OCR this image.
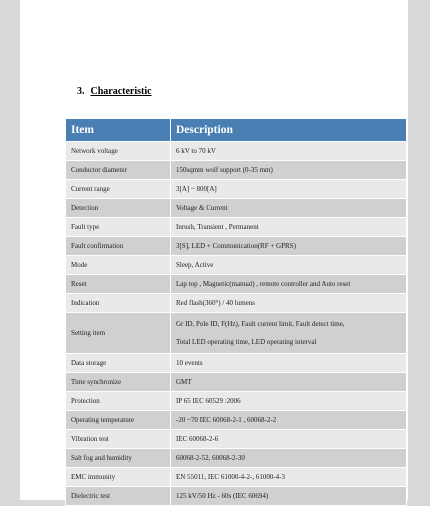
3. Characteristic
Item	Description
Network voltage	6 kV to 70 kV
Conductor diameter	150sqmm wolf support (0-35 mm)
Current range	3[A] ~ 800[A]
Detection	Voltage & Current
Fault type	Inrush, Transient , Permanent
Fault confirmation	3[S], LED + Communication(RF + GPRS)
Mode	Sleep, Active
Reset	Lap top , Magnetic(manual) , remote controller and Auto reset
Indication	Red flash(360°) / 40 lumens
Setting item	Gr ID, Pole ID, F(Hz), Fault current limit, Fault detect time,
Total LED operating time, LED operating interval

Data storage	10 events
Time synchronize	GMT
Protection	IP 65 IEC 60529 :2006
Operating temperature	-20 ~70 IEC 60068-2-1 , 60068-2-2
Vibration test	IEC 60068-2-6
Salt fog and humidity	60068-2-52, 60068-2-30
EMC immunity	EN 55011, IEC 61000-4-2-, 61000-4-3
Dielectric test	125 kV/50 Hz - 60s (IEC 60694)
